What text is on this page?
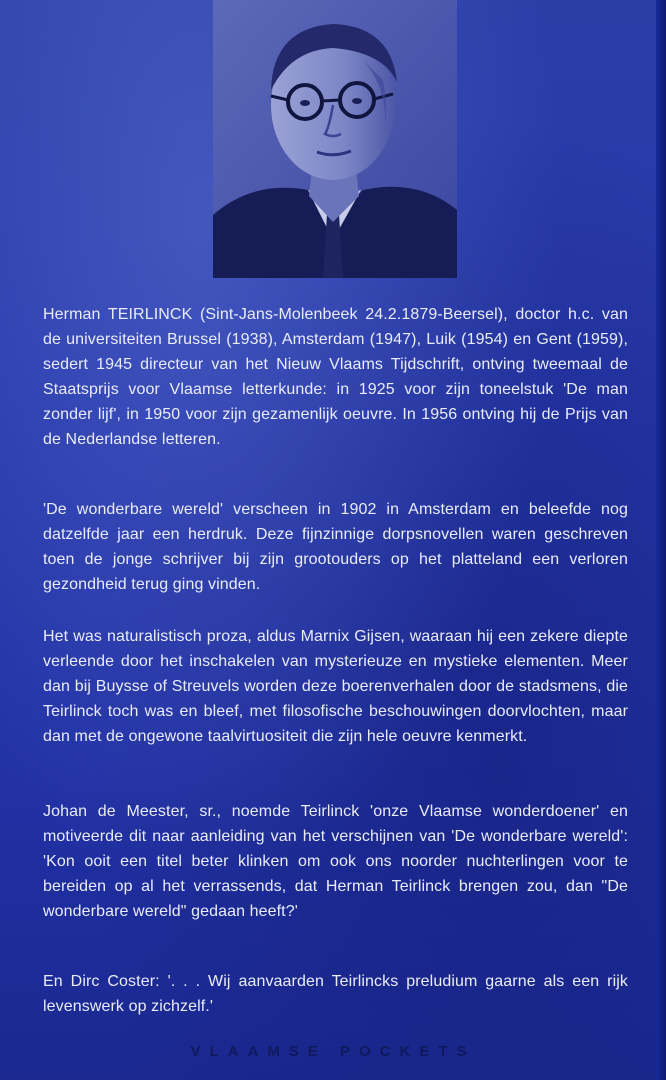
Herman TEIRLINCK (Sint-Jans-Molenbeek 24.2.1879-Beersel), doctor h.c. van de universiteiten Brussel (1938), Amsterdam (1947), Luik (1954) en Gent (1959), sedert 1945 directeur van het Nieuw Vlaams Tijdschrift, ontving tweemaal de Staatsprijs voor Vlaamse letterkunde: in 1925 voor zijn toneelstuk 'De man zonder lijf', in 1950 voor zijn gezamenlijk oeuvre. In 1956 ontving hij de Prijs van de Nederlandse letteren.

'De wonderbare wereld' verscheen in 1902 in Amsterdam en beleefde nog datzelfde jaar een herdruk. Deze fijnzinnige dorpsnovellen waren geschreven toen de jonge schrijver bij zijn grootouders op het platteland een verloren gezondheid terug ging vinden.

Het was naturalistisch proza, aldus Marnix Gijsen, waaraan hij een zekere diepte verleende door het inschakelen van mysterieuze en mystieke elementen. Meer dan bij Buysse of Streuvels worden deze boerenverhalen door de stadsmens, die Teirlinck toch was en bleef, met filosofische beschouwingen doorvlochten, maar dan met de ongewone taalvirtuositeit die zijn hele oeuvre kenmerkt.

Johan de Meester, sr., noemde Teirlinck 'onze Vlaamse wonderdoener' en motiveerde dit naar aanleiding van het verschijnen van 'De wonderbare wereld': 'Kon ooit een titel beter klinken om ook ons noorder nuchterlingen voor te bereiden op al het verrassends, dat Herman Teirlinck brengen zou, dan "De wonderbare wereld" gedaan heeft?'

En Dirc Coster: '. . . Wij aanvaarden Teirlincks preludium gaarne als een rijk levenswerk op zichzelf.'

VLAAMSE POCKETS
